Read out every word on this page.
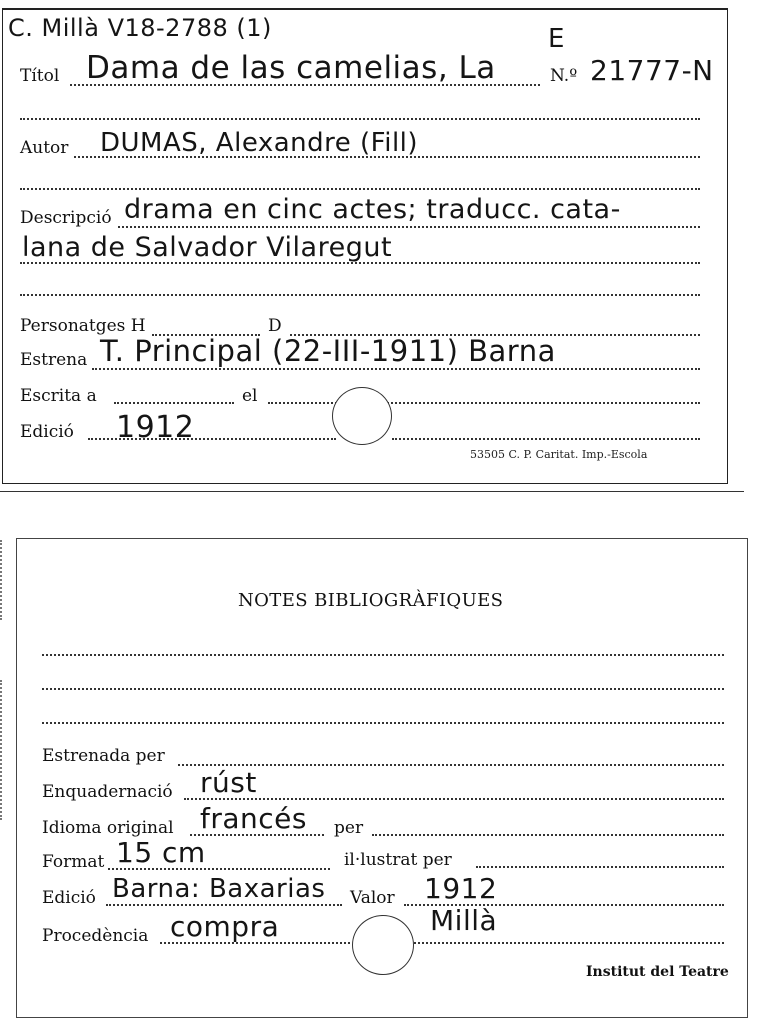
C. Millà V18-2788 (1)	E
Títol Dama de las camelias, La	N.º 21777-N
Autor DUMAS, Alexandre (Fill)
Descripció drama en cinc actes; traducc. cata-
lana de Salvador Vilaregut
Personatges H	D
Estrena T. Principal (22-III-1911) Barna
Escrita a	el
Edició 1912
53505 C. P. Caritat. Imp.-Escola
NOTES BIBLIOGRÀFIQUES
Estrenada per
Enquadernació rúst
Idioma original francés per
Format 15 cm	il·lustrat per
Edició Barna: Baxarias Valor 1912
Procedència compra	Millà
Institut del Teatre
